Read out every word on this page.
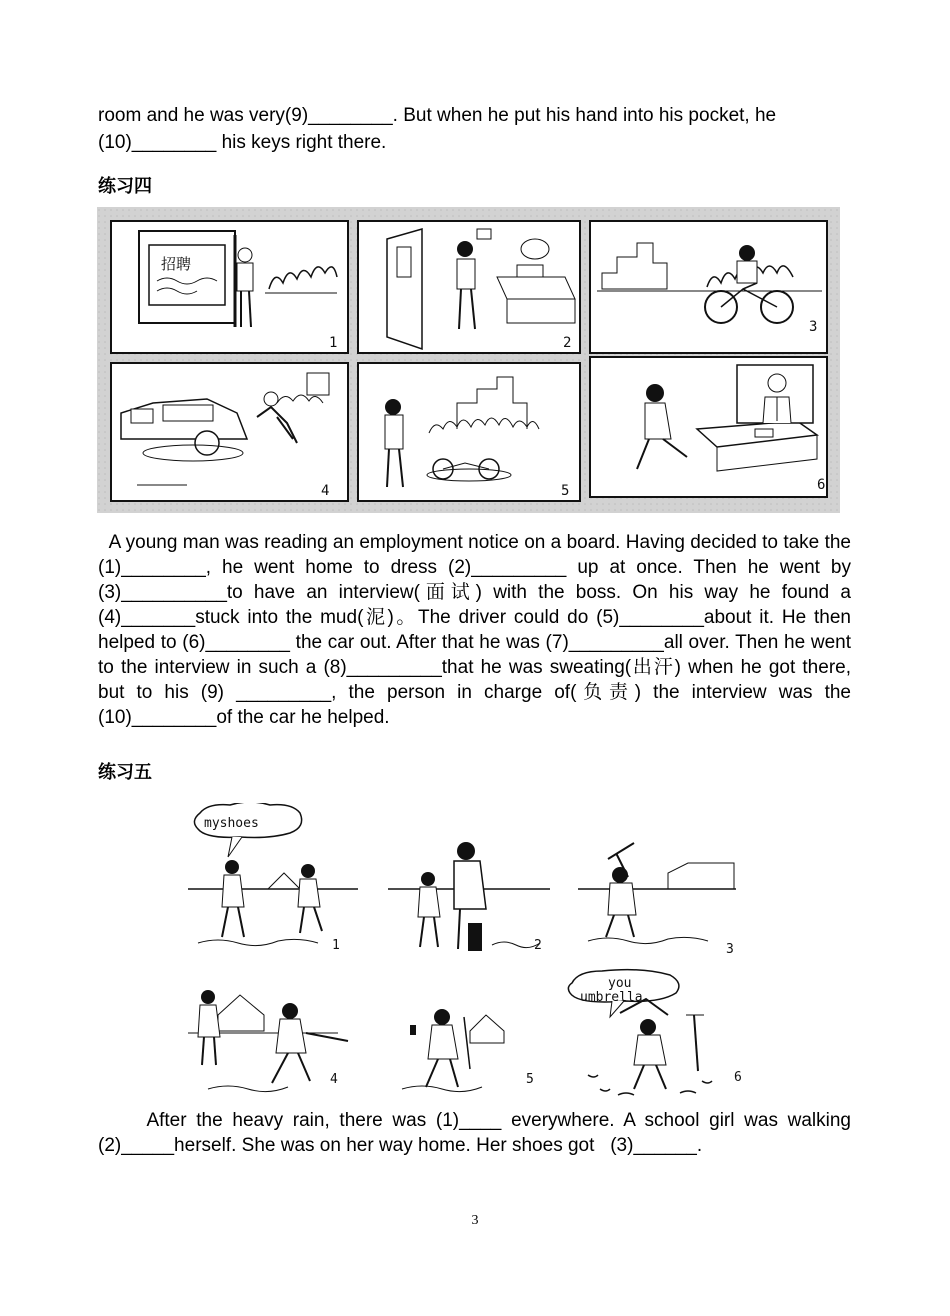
room and he was very(9)________. But when he put his hand into his pocket, he

(10)________ his keys right there.

练习四

招聘
1	2
3
4	5	6

A young man was reading an employment notice on a board. Having decided to take the (1)________, he went home to dress (2)_________ up at once. Then he went by (3)__________to have an interview(面试) with the boss. On his way he found a (4)_______stuck into the mud(泥)。The driver could do (5)________about it. He then helped to (6)________ the car out. After that he was (7)_________all over. Then he went to the interview in such a (8)_________that he was sweating(出汗) when he got there, but to his (9) _________, the person in charge of(负责) the interview was the (10)________of the car he helped.

练习五

myshoes
1	2	3
4	5
you
umbrella
6

After the heavy rain, there was (1)____ everywhere. A school girl was walking (2)_____herself. She was on her way home. Her shoes got   (3)______.

3
